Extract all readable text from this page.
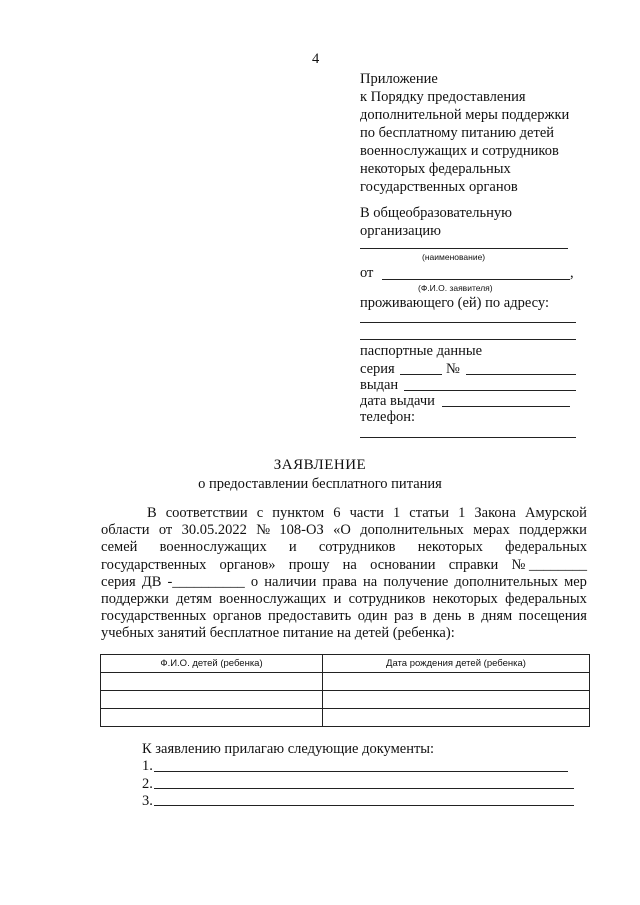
4
Приложение
к Порядку предоставления
дополнительной меры поддержки
по бесплатному питанию детей
военнослужащих и сотрудников
некоторых федеральных
государственных органов
В общеобразовательную
организацию
(наименование)
от	,
(Ф.И.О. заявителя)
проживающего (ей) по адресу:
паспортные данные
серия	№
выдан
дата выдачи
телефон:
ЗАЯВЛЕНИЕ
о предоставлении бесплатного питания
В соответствии с пунктом 6 части 1 статьи 1 Закона Амурской
области от 30.05.2022 № 108-ОЗ «О дополнительных мерах поддержки
семей военнослужащих и сотрудников некоторых федеральных
государственных органов» прошу на основании справки № ________
серия ДВ -__________ о наличии права на получение дополнительных мер
поддержки детям военнослужащих и сотрудников некоторых федеральных
государственных органов предоставить один раз в день в дням посещения
учебных занятий бесплатное питание на детей (ребенка):
Ф.И.О. детей (ребенка)	Дата рождения детей (ребенка)

К заявлению прилагаю следующие документы:
1.
2.
3.
